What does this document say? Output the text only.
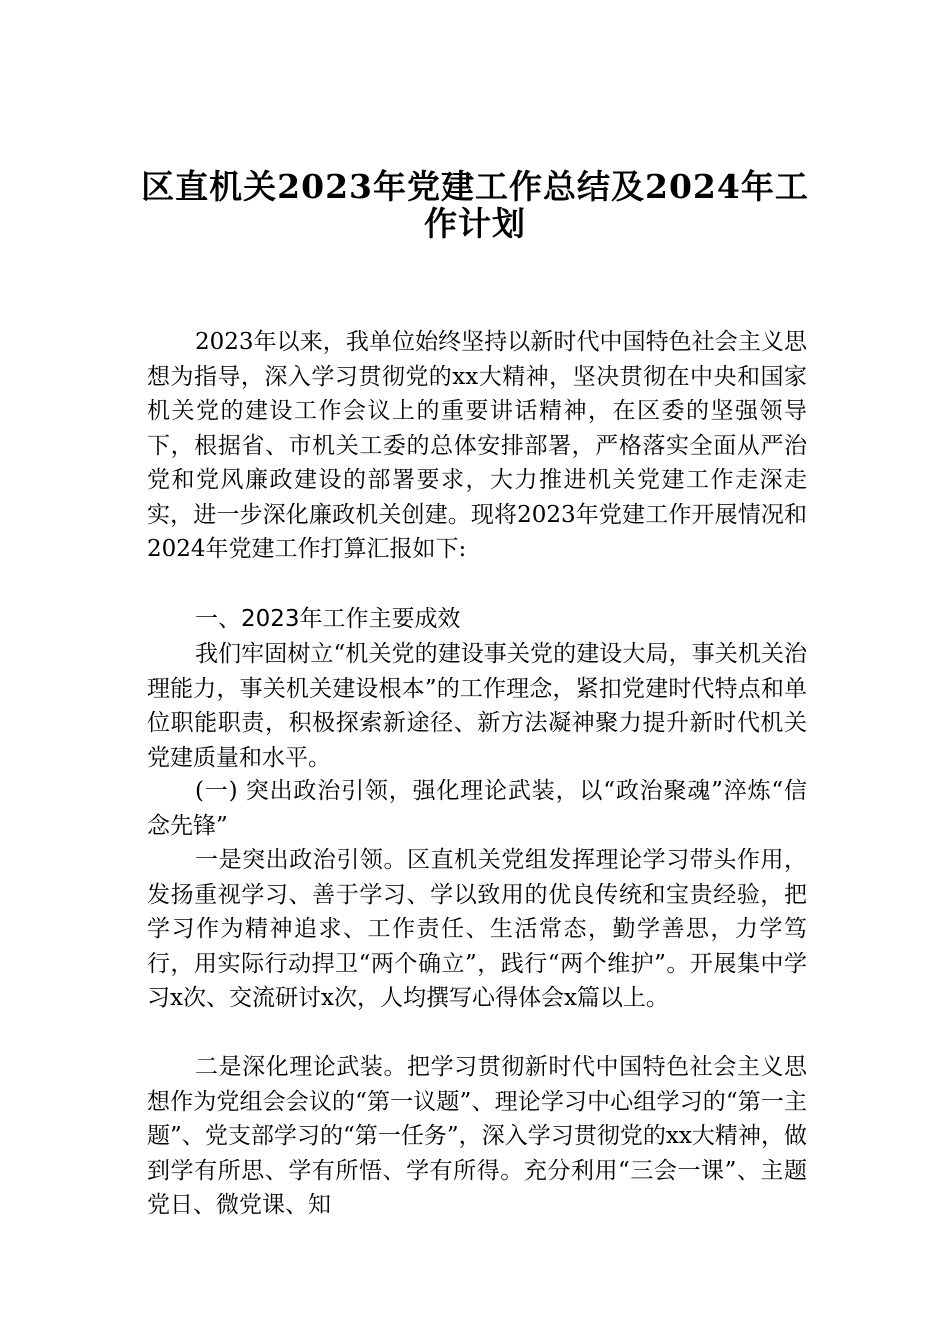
区直机关2023年党建工作总结及2024年工
作计划

2023年以来，我单位始终坚持以新时代中国特色社会主义思想为指导，深入学习贯彻党的xx大精神，坚决贯彻在中央和国家机关党的建设工作会议上的重要讲话精神，在区委的坚强领导下，根据省、市机关工委的总体安排部署，严格落实全面从严治党和党风廉政建设的部署要求，大力推进机关党建工作走深走实，进一步深化廉政机关创建。现将2023年党建工作开展情况和2024年党建工作打算汇报如下:

一、2023年工作主要成效

我们牢固树立“机关党的建设事关党的建设大局，事关机关治理能力，事关机关建设根本”的工作理念，紧扣党建时代特点和单位职能职责，积极探索新途径、新方法凝神聚力提升新时代机关党建质量和水平。

(一) 突出政治引领，强化理论武装，以“政治聚魂”淬炼“信念先锋”

一是突出政治引领。区直机关党组发挥理论学习带头作用，发扬重视学习、善于学习、学以致用的优良传统和宝贵经验，把学习作为精神追求、工作责任、生活常态，勤学善思，力学笃行，用实际行动捍卫“两个确立”，践行“两个维护”。开展集中学习x次、交流研讨x次，人均撰写心得体会x篇以上。

二是深化理论武装。把学习贯彻新时代中国特色社会主义思想作为党组会会议的“第一议题”、理论学习中心组学习的“第一主题”、党支部学习的“第一任务”，深入学习贯彻党的xx大精神，做到学有所思、学有所悟、学有所得。充分利用“三会一课”、主题党日、微党课、知
